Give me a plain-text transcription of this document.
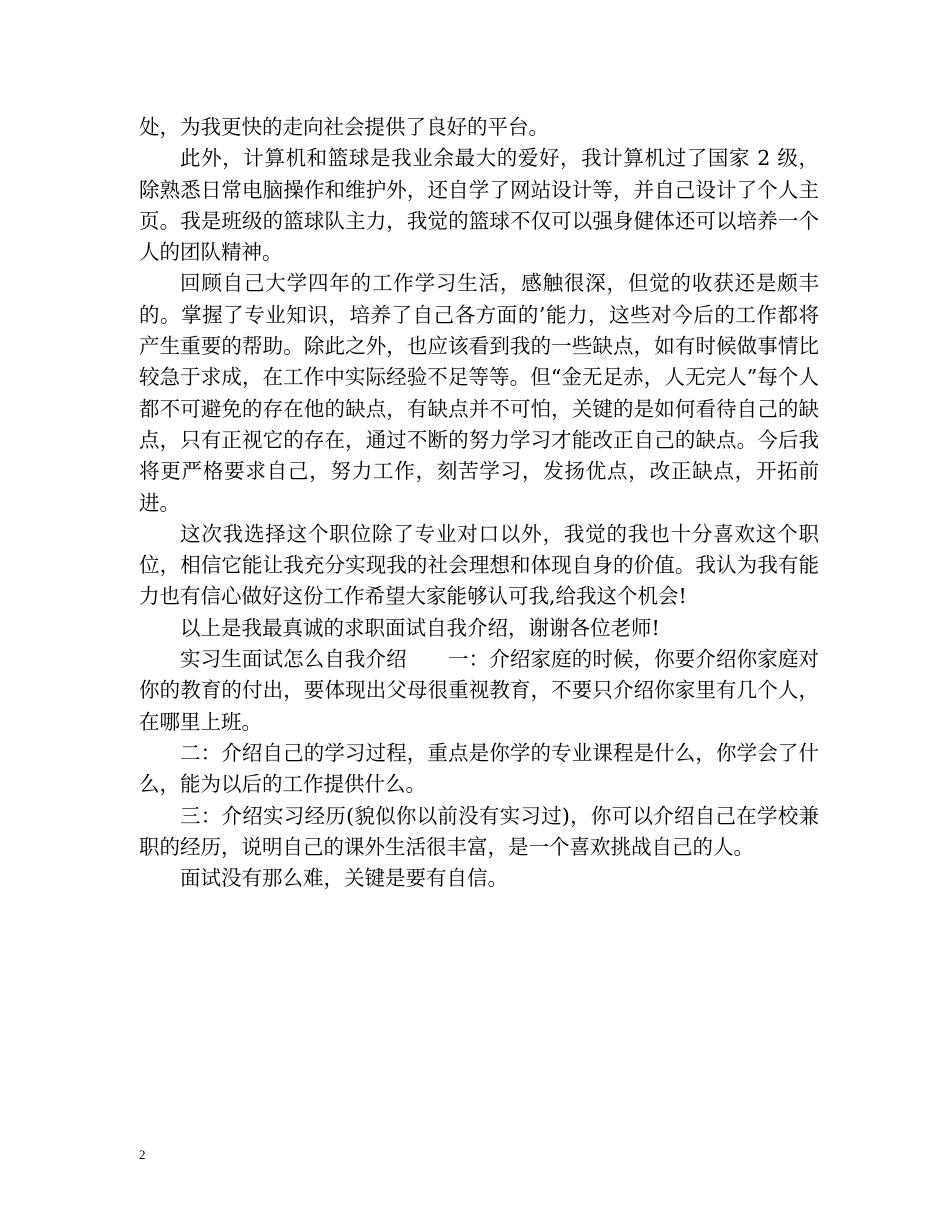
处，为我更快的走向社会提供了良好的平台。

此外，计算机和篮球是我业余最大的爱好，我计算机过了国家 2 级，除熟悉日常电脑操作和维护外，还自学了网站设计等，并自己设计了个人主页。我是班级的篮球队主力，我觉的篮球不仅可以强身健体还可以培养一个人的团队精神。

回顾自己大学四年的工作学习生活，感触很深，但觉的收获还是颇丰的。掌握了专业知识，培养了自己各方面的’能力，这些对今后的工作都将产生重要的帮助。除此之外，也应该看到我的一些缺点，如有时候做事情比较急于求成，在工作中实际经验不足等等。但“金无足赤，人无完人”每个人都不可避免的存在他的缺点，有缺点并不可怕，关键的是如何看待自己的缺点，只有正视它的存在，通过不断的努力学习才能改正自己的缺点。今后我将更严格要求自己，努力工作，刻苦学习，发扬优点，改正缺点，开拓前进。

这次我选择这个职位除了专业对口以外，我觉的我也十分喜欢这个职位，相信它能让我充分实现我的社会理想和体现自身的价值。我认为我有能力也有信心做好这份工作希望大家能够认可我,给我这个机会!

以上是我最真诚的求职面试自我介绍，谢谢各位老师!

实习生面试怎么自我介绍　　一：介绍家庭的时候，你要介绍你家庭对你的教育的付出，要体现出父母很重视教育，不要只介绍你家里有几个人，在哪里上班。

二：介绍自己的学习过程，重点是你学的专业课程是什么，你学会了什么，能为以后的工作提供什么。

三：介绍实习经历(貌似你以前没有实习过)，你可以介绍自己在学校兼职的经历，说明自己的课外生活很丰富，是一个喜欢挑战自己的人。

面试没有那么难，关键是要有自信。

2
